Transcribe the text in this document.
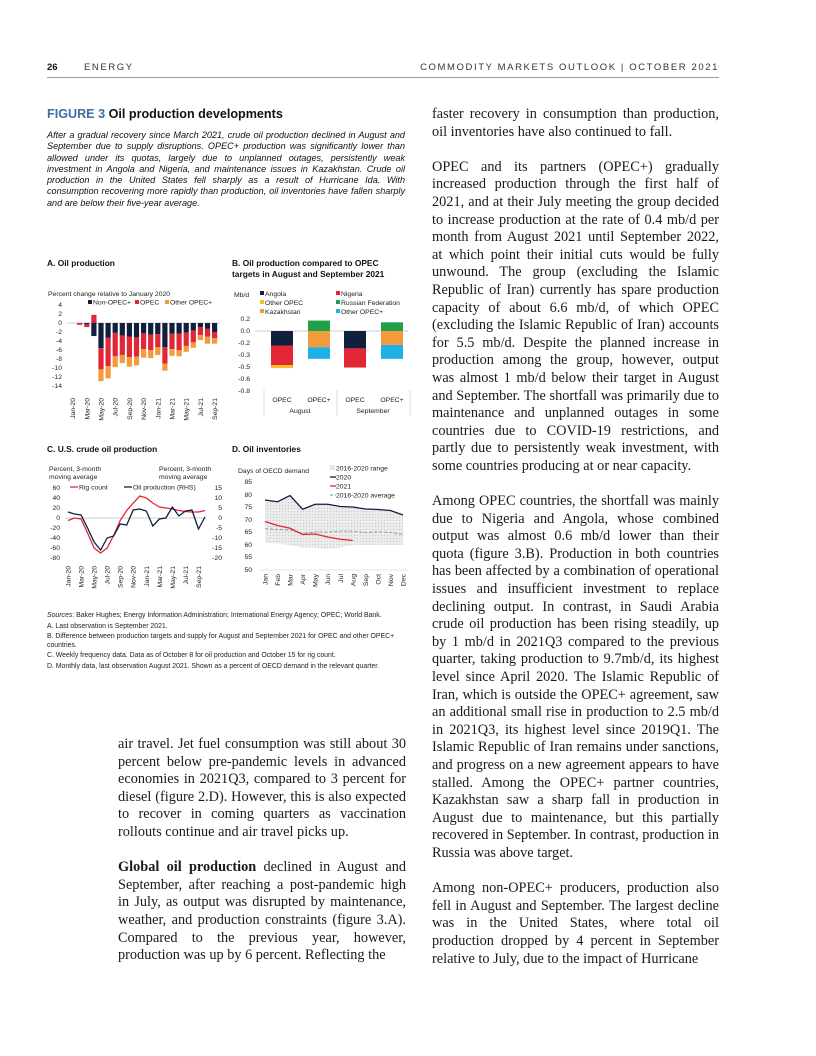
26	ENERGY	COMMODITY MARKETS OUTLOOK | OCTOBER 2021
FIGURE 3 Oil production developments
After a gradual recovery since March 2021, crude oil production declined in August and September due to supply disruptions. OPEC+ production was significantly lower than allowed under its quotas, largely due to unplanned outages, persistently weak investment in Angola and Nigeria, and maintenance issues in Kazakhstan. Crude oil production in the United States fell sharply as a result of Hurricane Ida. With consumption recovering more rapidly than production, oil inventories have fallen sharply and are below their five-year average.
A. Oil production
Percent change relative to January 2020
Non-OPEC+ OPEC Other OPEC+
4
2
0
-2
-4
-6
-8
-10
-12
-14
Jan-20 Mar-20 May-20 Jul-20 Sep-20 Nov-20 Jan-21 Mar-21 May-21 Jul-21 Sep-21
B. Oil production compared to OPEC
targets in August and September 2021
Mb/d Angola	Nigeria
Other OPEC	Russian Federation
Kazakhstan	Other OPEC+
0.2
0.0
-0.2
-0.3
-0.5
-0.6
-0.8
OPEC OPEC+ OPEC OPEC+
August	September
C. U.S. crude oil production
Percent, 3-month
moving average
Percent, 3-month
moving average
Rig count	Oil production (RHS)
60
40
20
0
-20
-40
-60
-80
15
10
5
0
-5
-10
-15
-20
Jan-20 Mar-20 May-20 Jul-20 Sep-20 Nov-20 Jan-21 Mar-21 May-21 Jul-21 Sep-21
D. Oil inventories
Days of OECD demand	2016-2020 range
2020
2021
2016-2020 average
85
80
75
70
65
60
55
50
Jan Feb Mar Apr May Jun Jul Aug Sep Oct Nov Dec

Sources: Baker Hughes; Energy Information Administration; International Energy Agency; OPEC; World Bank.

A. Last observation is September 2021.

B. Difference between production targets and supply for August and September 2021 for OPEC and other OPEC+ countries.

C. Weekly frequency data. Data as of October 8 for oil production and October 15 for rig count.

D. Monthly data, last observation August 2021. Shown as a percent of OECD demand in the relevant quarter.

air travel. Jet fuel consumption was still about 30 percent below pre-pandemic levels in advanced economies in 2021Q3, compared to 3 percent for diesel (figure 2.D). However, this is also expected to recover in coming quarters as vaccination rollouts continue and air travel picks up.

Global oil production declined in August and September, after reaching a post-pandemic high in July, as output was disrupted by maintenance, weather, and production constraints (figure 3.A). Compared to the previous year, however, production was up by 6 percent. Reflecting the

faster recovery in consumption than production, oil inventories have also continued to fall.

OPEC and its partners (OPEC+) gradually increased production through the first half of 2021, and at their July meeting the group decided to increase production at the rate of 0.4 mb/d per month from August 2021 until September 2022, at which point their initial cuts would be fully unwound. The group (excluding the Islamic Republic of Iran) currently has spare production capacity of about 6.6 mb/d, of which OPEC (excluding the Islamic Republic of Iran) accounts for 5.5 mb/d. Despite the planned increase in production among the group, however, output was almost 1 mb/d below their target in August and September. The shortfall was primarily due to maintenance and unplanned outages in some countries due to COVID-19 restrictions, and partly due to persistently weak investment, with some countries producing at or near capacity.

Among OPEC countries, the shortfall was mainly due to Nigeria and Angola, whose combined output was almost 0.6 mb/d lower than their quota (figure 3.B). Production in both countries has been affected by a combination of operational issues and insufficient investment to replace declining output. In contrast, in Saudi Arabia crude oil production has been rising steadily, up by 1 mb/d in 2021Q3 compared to the previous quarter, taking production to 9.7mb/d, its highest level since April 2020. The Islamic Republic of Iran, which is outside the OPEC+ agreement, saw an additional small rise in production to 2.5 mb/d in 2021Q3, its highest level since 2019Q1. The Islamic Republic of Iran remains under sanctions, and progress on a new agreement appears to have stalled. Among the OPEC+ partner countries, Kazakhstan saw a sharp fall in production in August due to maintenance, but this partially recovered in September. In contrast, production in Russia was above target.

Among non-OPEC+ producers, production also fell in August and September. The largest decline was in the United States, where total oil production dropped by 4 percent in September relative to July, due to the impact of Hurricane
